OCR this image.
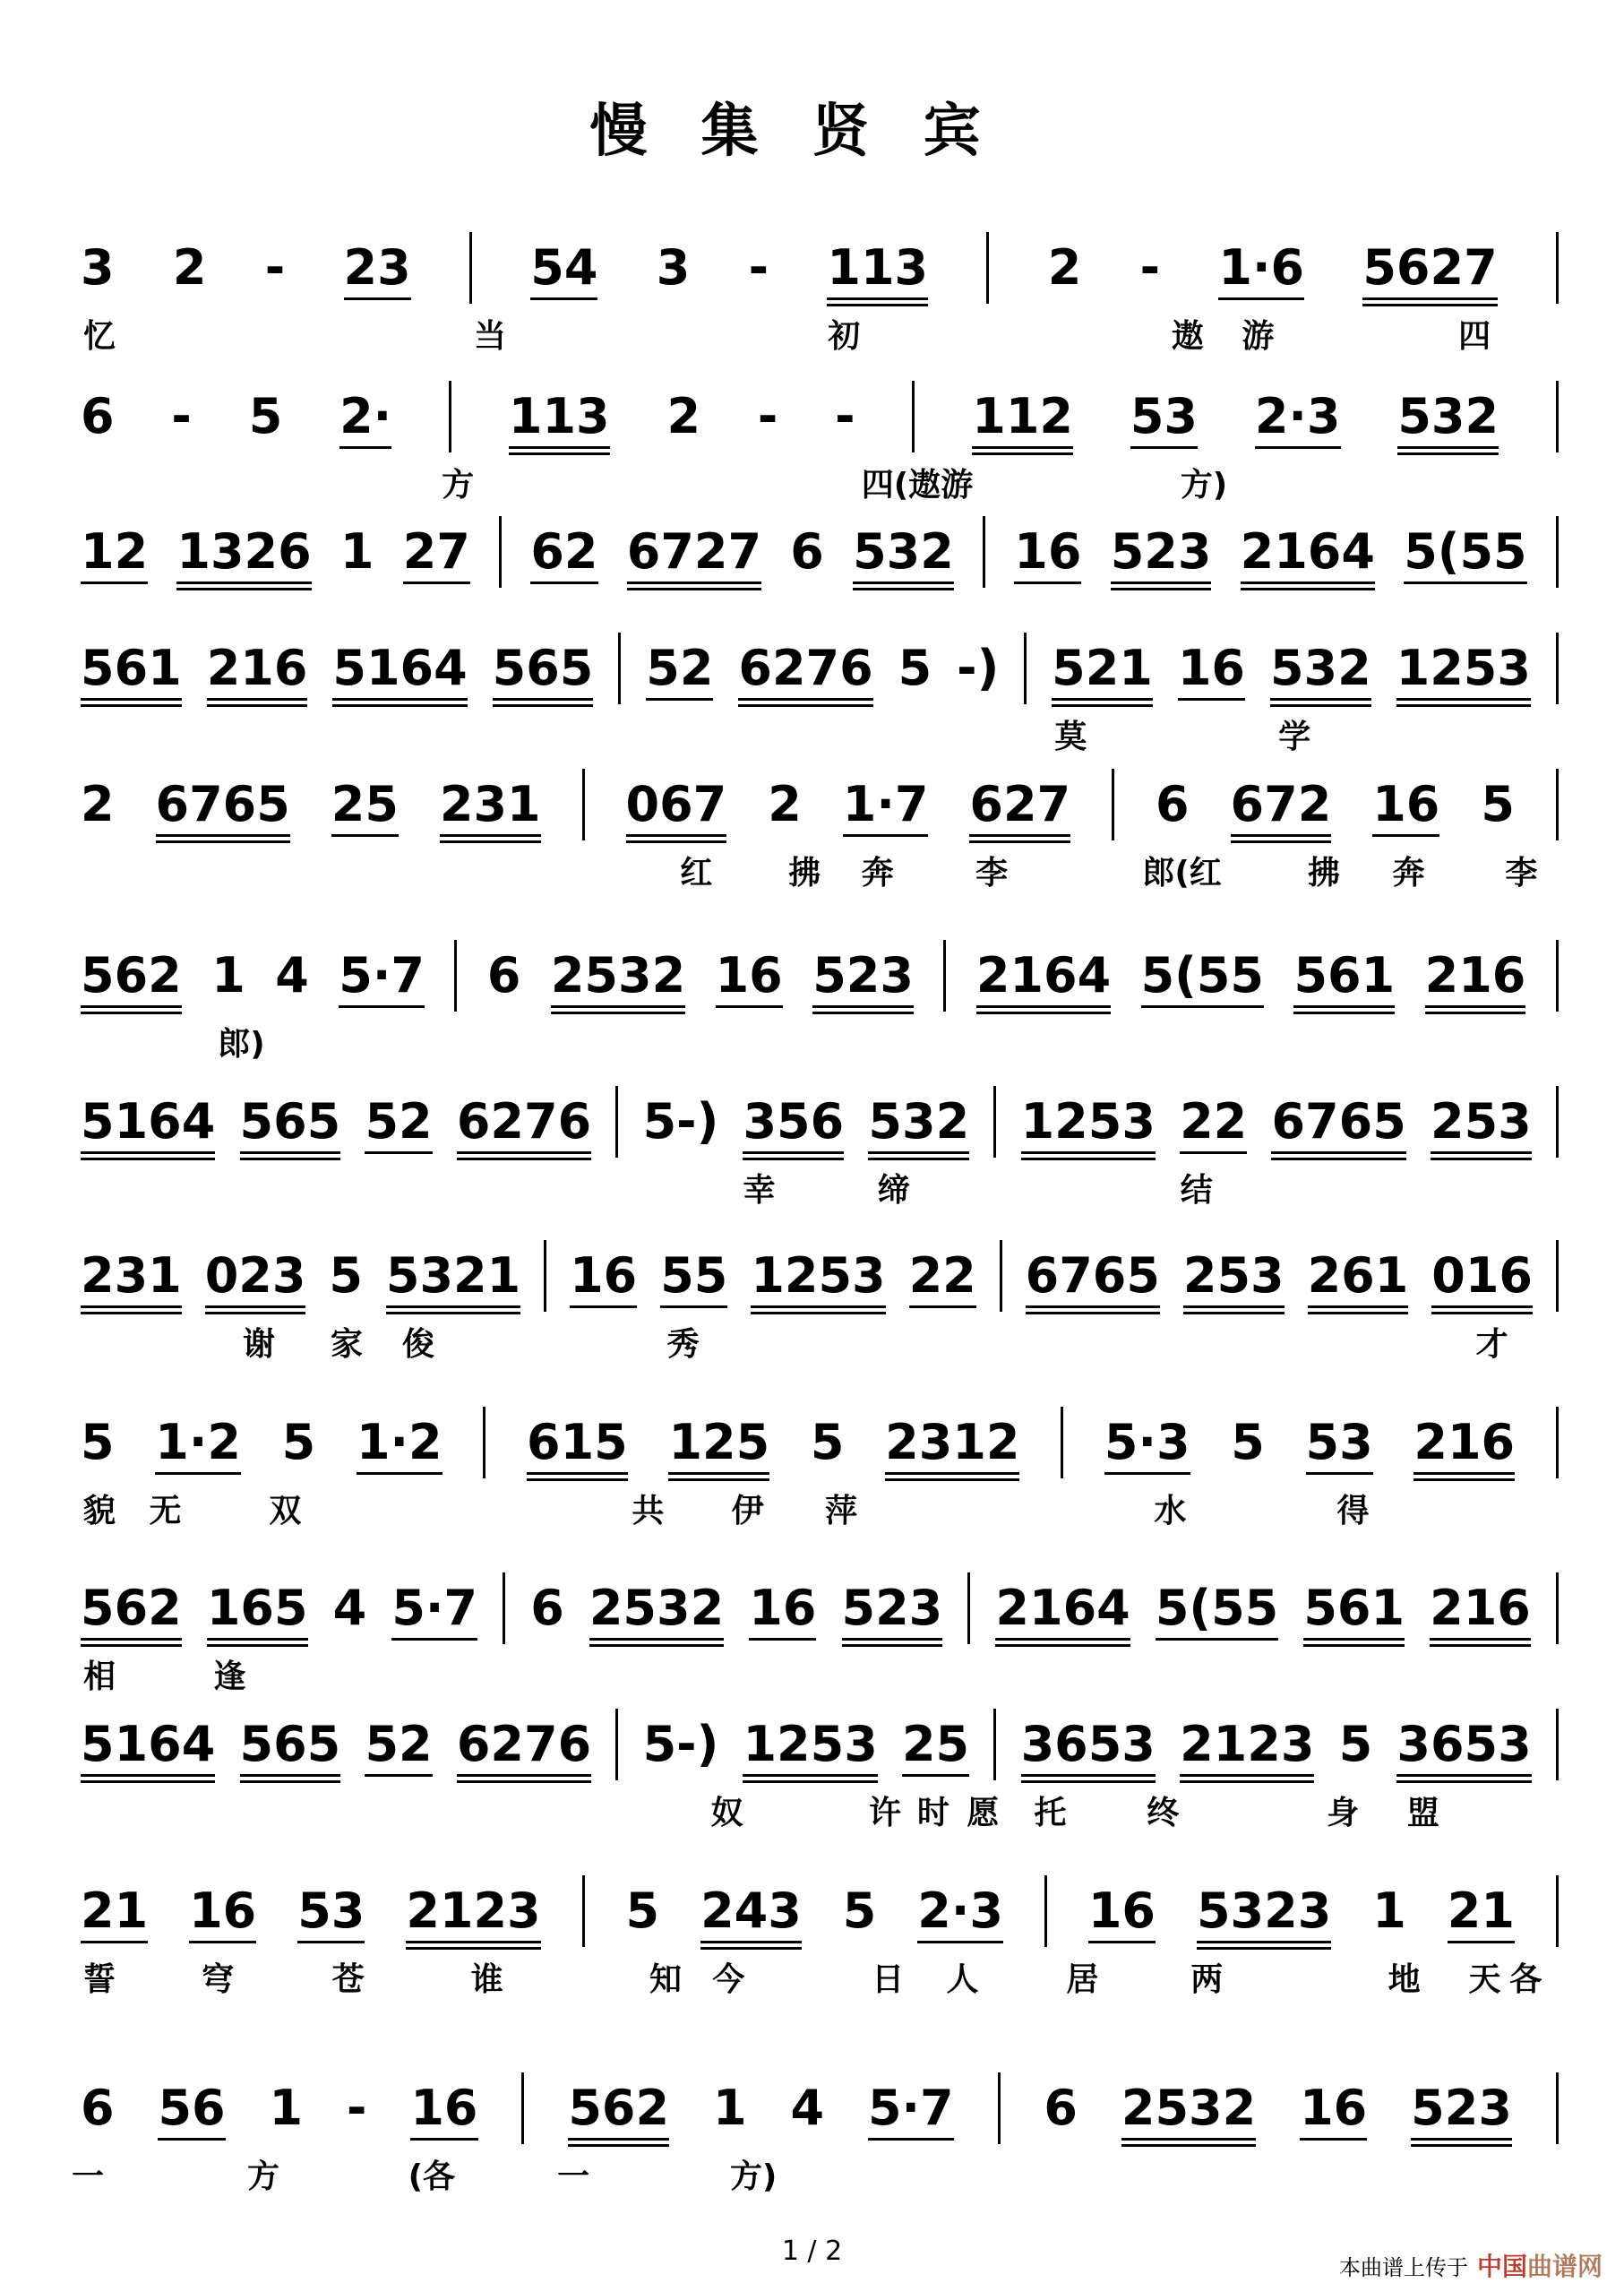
慢集贤宾
3 2 - 23 54 3 - 113 2 - 1·6 5627
忆	当	初	遨 游	四
6 - 5 2· 113 2 - - 112 53 2·3 532
方	四(遨游	方)
12 1326 1 27 62 6727 6 532 16 523 2164 5(55
561 216 5164 565 52 6276 5 -) 521 16 532 1253
莫	学
2 6765 25 231 067 2 1·7 627 6 672 16 5
红 拂 奔	李	郎(红	拂 奔 李
562 1 4 5·7 6 2532 16 523 2164 5(55 561 216
郎)
5164 565 52 6276 5-) 356 532 1253 22 6765 253
幸	缔	结
231 023 5 5321 16 55 1253 22 6765 253 261 016
谢 家 俊	秀	才
5 1·2 5 1·2 615 125 5 2312 5·3 5 53 216
貌 无	双	共 伊 萍	水	得
562 165 4 5·7 6 2532 16 523 2164 5(55 561 216
相	逢
5164 565 52 6276 5-) 1253 25 3653 2123 5 3653
奴	许 时 愿 托 终	身 盟
21 16 53 2123 5 243 5 2·3 16 5323 1 21
誓	穹	苍	谁	知 今	日 人	居	两	地 天 各
6 56 1 - 16 562 1 4 5·7 6 2532 16 523
一	方	(各	一	方)
1 / 2
本曲谱上传于 中国曲谱网
